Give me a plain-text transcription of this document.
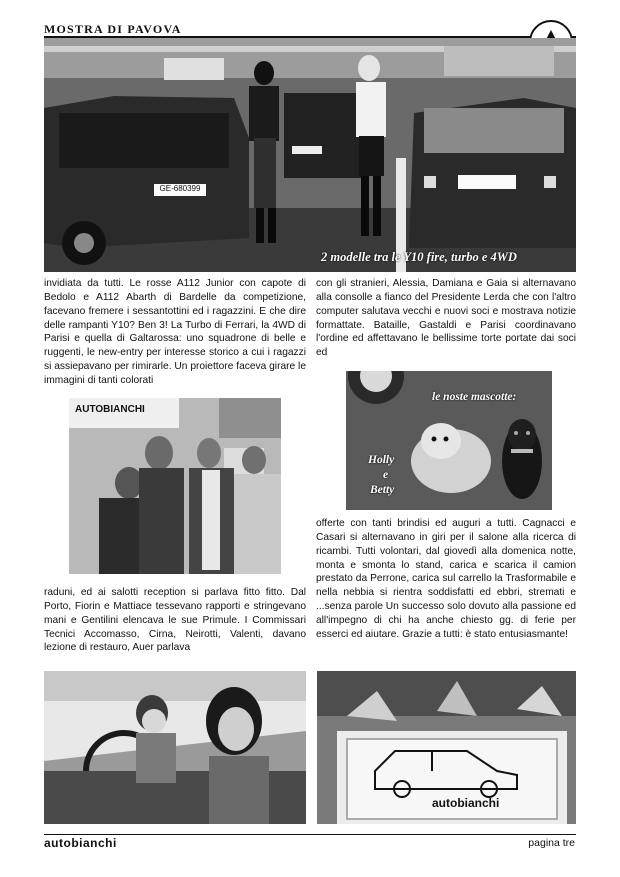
MOSTRA DI PAVOVA
GE-680399
2 modelle tra le Y10 fire, turbo e 4WD

invidiata da tutti. Le rosse A112 Junior con capote di Bedolo e A112 Abarth di Bardelle da competizione, facevano fremere i sessantottini ed i ragazzini. E che dire delle rampanti Y10? Ben 3! La Turbo di Ferrari, la 4WD di Parisi e quella di Galtarossa: uno squadrone di belle e ruggenti, le new-entry per interesse storico a cui i ragazzi si assiepavano per rimirarle. Un proiettore faceva girare le immagini di tanti colorati

AUTOBIANCHI

raduni, ed ai salotti reception si parlava fitto fitto. Dal Porto, Fiorin e Mattiace tessevano rapporti e stringevano mani e Gentilini elencava le sue Primule. I Commissari Tecnici Accomasso, Cirna, Neirotti, Valenti, davano lezione di restauro, Auer parlava

con gli stranieri, Alessia, Damiana e Gaia si alternavano alla consolle a fianco del Presidente Lerda che con l'altro computer salutava vecchi e nuovi soci e mostrava notizie formattate. Bataille, Gastaldi e Parisi coordinavano l'ordine ed affettavano le bellissime torte portate dai soci ed

le noste mascotte:
Holly
e
Betty

offerte con tanti brindisi ed auguri a tutti. Cagnacci e Casari si alternavano in giri per il salone alla ricerca di ricambi. Tutti volontari, dal giovedì alla domenica notte, monta e smonta lo stand, carica e scarica il camion prestato da Perrone, carica sul carrello la Trasformabile e nella nebbia si rientra soddisfatti ed ebbri, stremati e ...senza parole Un successo solo dovuto alla passione ed all'impegno di chi ha anche chiesto gg. di ferie per esserci ed aiutare. Grazie a tutti: è stato entusiasmante!

autobianchi
autobianchi	pagina tre
